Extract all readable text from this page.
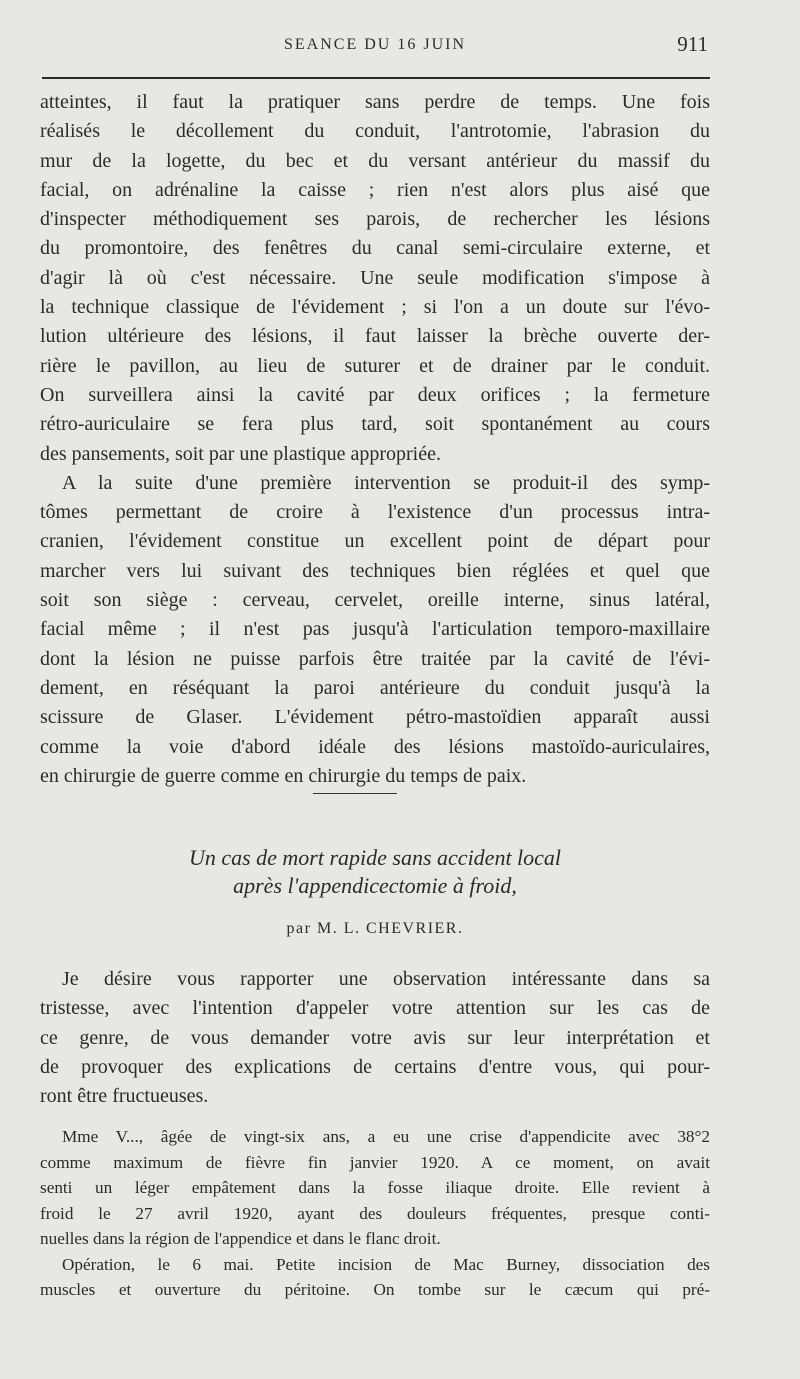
SEANCE DU 16 JUIN	911
atteintes, il faut la pratiquer sans perdre de temps. Une fois
réalisés le décollement du conduit, l'antrotomie, l'abrasion du
mur de la logette, du bec et du versant antérieur du massif du
facial, on adrénaline la caisse ; rien n'est alors plus aisé que
d'inspecter méthodiquement ses parois, de rechercher les lésions
du promontoire, des fenêtres du canal semi-circulaire externe, et
d'agir là où c'est nécessaire. Une seule modification s'impose à
la technique classique de l'évidement ; si l'on a un doute sur l'évo-
lution ultérieure des lésions, il faut laisser la brèche ouverte der-
rière le pavillon, au lieu de suturer et de drainer par le conduit.
On surveillera ainsi la cavité par deux orifices ; la fermeture
rétro-auriculaire se fera plus tard, soit spontanément au cours
des pansements, soit par une plastique appropriée.
A la suite d'une première intervention se produit-il des symp-
tômes permettant de croire à l'existence d'un processus intra-
cranien, l'évidement constitue un excellent point de départ pour
marcher vers lui suivant des techniques bien réglées et quel que
soit son siège : cerveau, cervelet, oreille interne, sinus latéral,
facial même ; il n'est pas jusqu'à l'articulation temporo-maxillaire
dont la lésion ne puisse parfois être traitée par la cavité de l'évi-
dement, en réséquant la paroi antérieure du conduit jusqu'à la
scissure de Glaser. L'évidement pétro-mastoïdien apparaît aussi
comme la voie d'abord idéale des lésions mastoïdo-auriculaires,
en chirurgie de guerre comme en chirurgie du temps de paix.
Un cas de mort rapide sans accident local
après l'appendicectomie à froid,
par M. L. CHEVRIER.
Je désire vous rapporter une observation intéressante dans sa
tristesse, avec l'intention d'appeler votre attention sur les cas de
ce genre, de vous demander votre avis sur leur interprétation et
de provoquer des explications de certains d'entre vous, qui pour-
ront être fructueuses.
Mme V..., âgée de vingt-six ans, a eu une crise d'appendicite avec 38°2
comme maximum de fièvre fin janvier 1920. A ce moment, on avait
senti un léger empâtement dans la fosse iliaque droite. Elle revient à
froid le 27 avril 1920, ayant des douleurs fréquentes, presque conti-
nuelles dans la région de l'appendice et dans le flanc droit.
Opération, le 6 mai. Petite incision de Mac Burney, dissociation des
muscles et ouverture du péritoine. On tombe sur le cæcum qui pré-
